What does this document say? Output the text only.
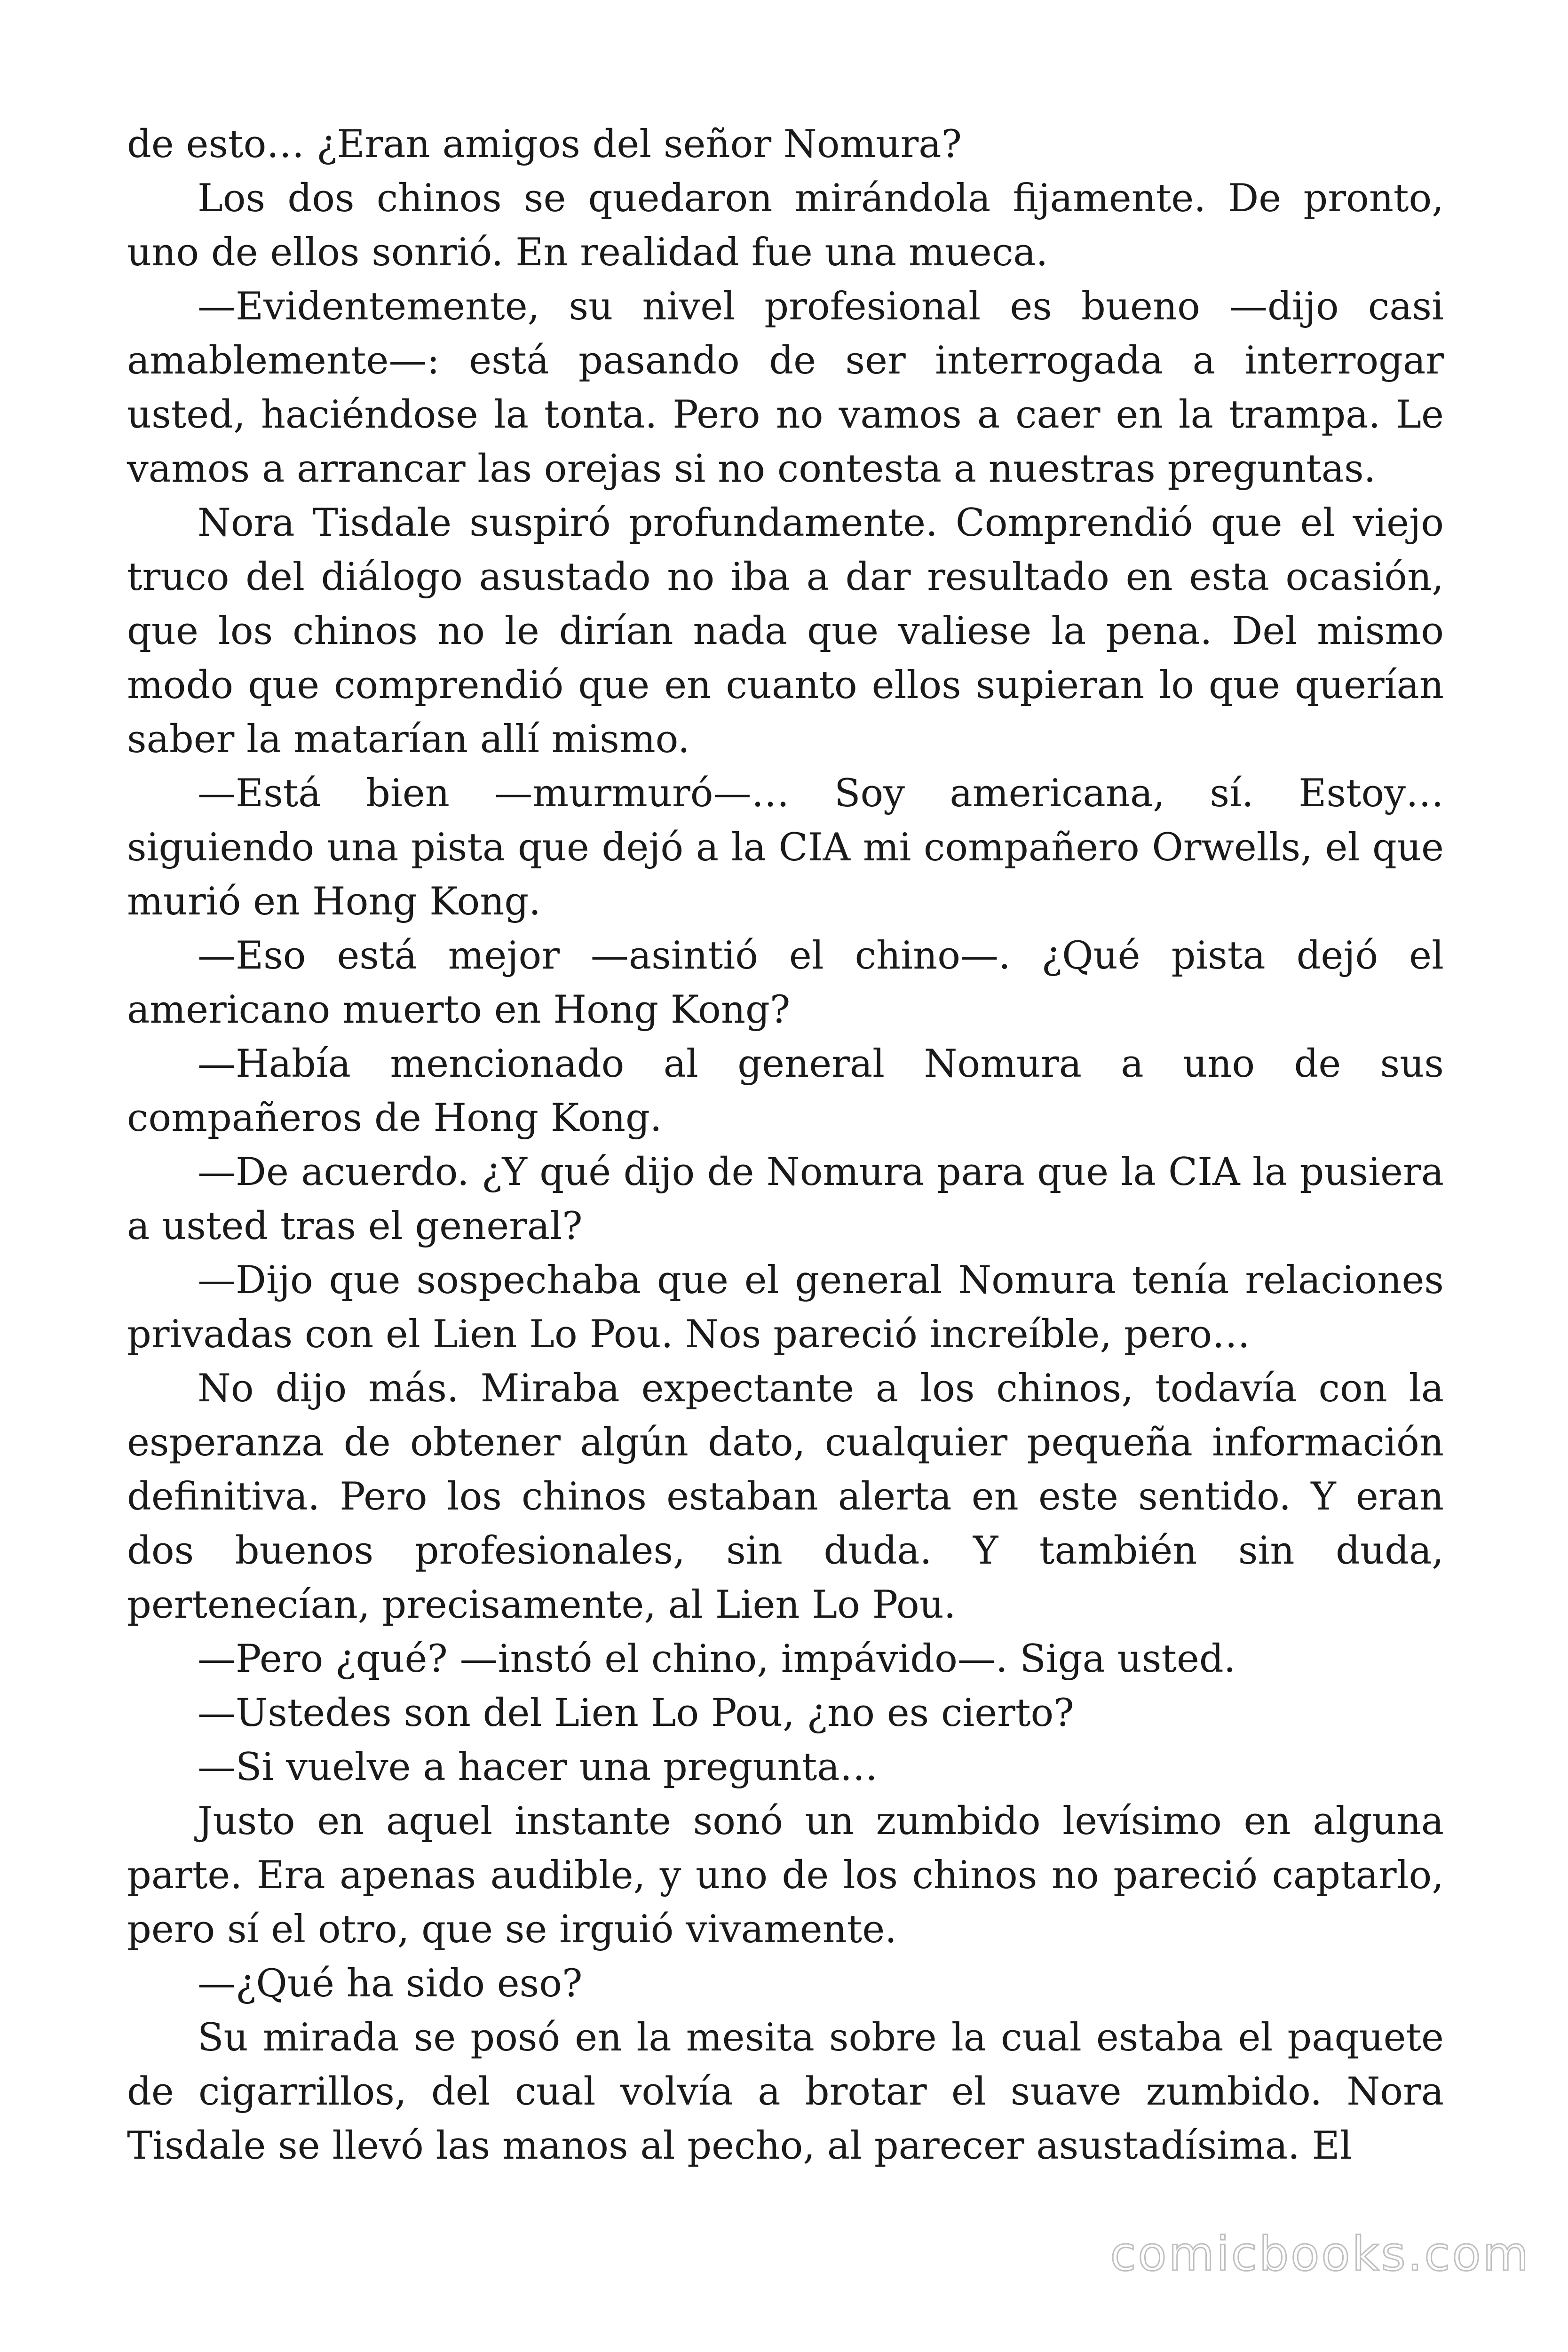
de esto… ¿Eran amigos del señor Nomura?

Los dos chinos se quedaron mirándola fijamente. De pronto, uno de ellos sonrió. En realidad fue una mueca.

—Evidentemente, su nivel profesional es bueno —dijo casi amablemente—: está pasando de ser interrogada a interrogar usted, haciéndose la tonta. Pero no vamos a caer en la trampa. Le vamos a arrancar las orejas si no contesta a nuestras preguntas.

Nora Tisdale suspiró profundamente. Comprendió que el viejo truco del diálogo asustado no iba a dar resultado en esta ocasión, que los chinos no le dirían nada que valiese la pena. Del mismo modo que comprendió que en cuanto ellos supieran lo que querían saber la matarían allí mismo.

—Está bien —murmuró—… Soy americana, sí. Estoy… siguiendo una pista que dejó a la CIA mi compañero Orwells, el que murió en Hong Kong.

—Eso está mejor —asintió el chino—. ¿Qué pista dejó el americano muerto en Hong Kong?

—Había mencionado al general Nomura a uno de sus compañeros de Hong Kong.

—De acuerdo. ¿Y qué dijo de Nomura para que la CIA la pusiera a usted tras el general?

—Dijo que sospechaba que el general Nomura tenía relaciones privadas con el Lien Lo Pou. Nos pareció increíble, pero…

No dijo más. Miraba expectante a los chinos, todavía con la esperanza de obtener algún dato, cualquier pequeña información definitiva. Pero los chinos estaban alerta en este sentido. Y eran dos buenos profesionales, sin duda. Y también sin duda, pertenecían, precisamente, al Lien Lo Pou.

—Pero ¿qué? —instó el chino, impávido—. Siga usted.

—Ustedes son del Lien Lo Pou, ¿no es cierto?

—Si vuelve a hacer una pregunta…

Justo en aquel instante sonó un zumbido levísimo en alguna parte. Era apenas audible, y uno de los chinos no pareció captarlo, pero sí el otro, que se irguió vivamente.

—¿Qué ha sido eso?

Su mirada se posó en la mesita sobre la cual estaba el paquete de cigarrillos, del cual volvía a brotar el suave zumbido. Nora Tisdale se llevó las manos al pecho, al parecer asustadísima. El

comicbooks.com
